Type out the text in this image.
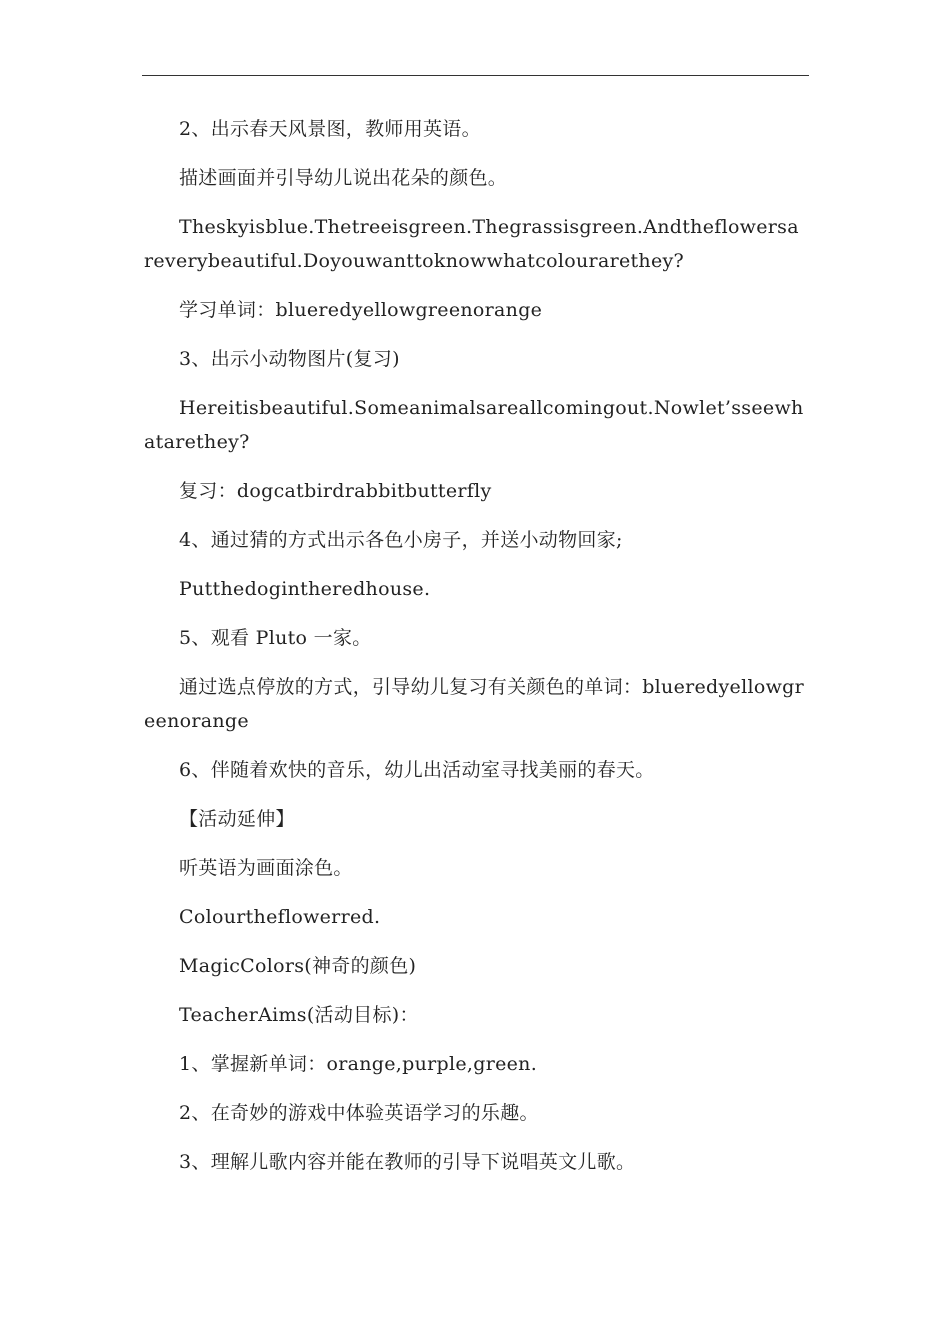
2、出示春天风景图，教师用英语。

描述画面并引导幼儿说出花朵的颜色。

Theskyisblue.Thetreeisgreen.Thegrassisgreen.Andtheflowersareverybeautiful.Doyouwanttoknowwhatcolourarethey?

学习单词：blueredyellowgreenorange

3、出示小动物图片(复习)

Hereitisbeautiful.Someanimalsareallcomingout.Nowlet’sseewhatarethey?

复习：dogcatbirdrabbitbutterfly

4、通过猜的方式出示各色小房子，并送小动物回家;

Putthedogintheredhouse.

5、观看 Pluto 一家。

通过选点停放的方式，引导幼儿复习有关颜色的单词：blueredyellowgreenorange

6、伴随着欢快的音乐，幼儿出活动室寻找美丽的春天。

【活动延伸】

听英语为画面涂色。

Colourtheflowerred.

MagicColors(神奇的颜色)

TeacherAims(活动目标)：

1、掌握新单词：orange,purple,green.

2、在奇妙的游戏中体验英语学习的乐趣。

3、理解儿歌内容并能在教师的引导下说唱英文儿歌。
